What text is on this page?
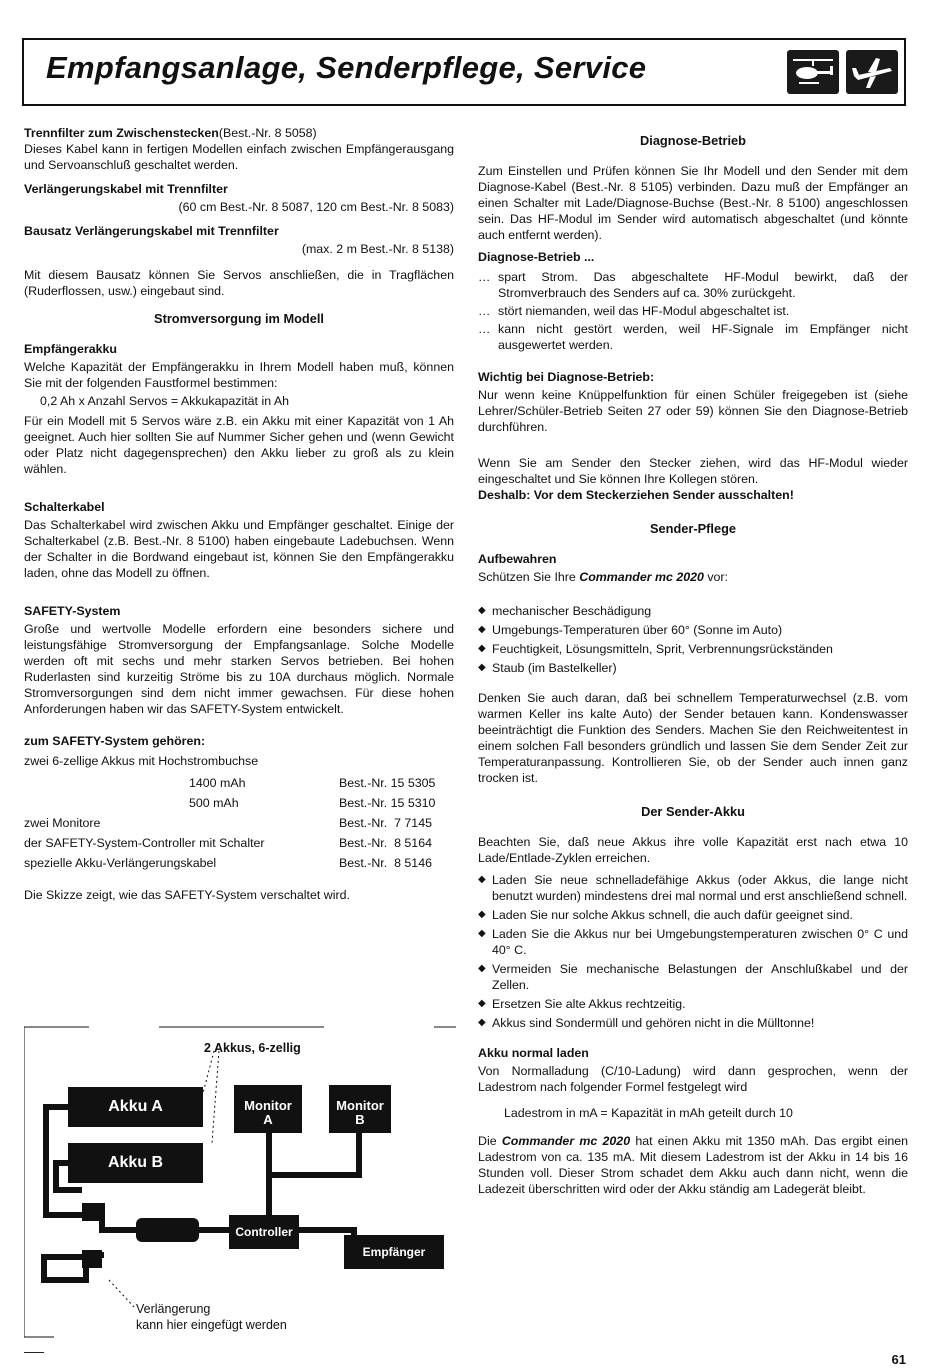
Empfangsanlage, Senderpflege, Service
Trennfilter zum Zwischenstecken(Best.-Nr. 8 5058)

Dieses Kabel kann in fertigen Modellen einfach zwischen Empfängerausgang und Servoanschluß geschaltet werden.

Verlängerungskabel mit Trennfilter
(60 cm Best.-Nr. 8 5087, 120 cm Best.-Nr. 8 5083)
Bausatz Verlängerungskabel mit Trennfilter
(max. 2 m Best.-Nr. 8 5138)

Mit diesem Bausatz können Sie Servos anschließen, die in Tragflächen (Ruderflossen, usw.) eingebaut sind.

Stromversorgung im Modell
Empfängerakku

Welche Kapazität der Empfängerakku in Ihrem Modell haben muß, können Sie mit der folgenden Faustformel bestimmen:

0,2 Ah x Anzahl Servos = Akkukapazität in Ah

Für ein Modell mit 5 Servos wäre z.B. ein Akku mit einer Kapazität von 1 Ah geeignet. Auch hier sollten Sie auf Nummer Sicher gehen und (wenn Gewicht oder Platz nicht dagegensprechen) den Akku lieber zu groß als zu klein wählen.

Schalterkabel

Das Schalterkabel wird zwischen Akku und Empfänger geschaltet. Einige der Schalterkabel (z.B. Best.-Nr. 8 5100) haben eingebaute Ladebuchsen. Wenn der Schalter in die Bordwand eingebaut ist, können Sie den Empfängerakku laden, ohne das Modell zu öffnen.

SAFETY-System

Große und wertvolle Modelle erfordern eine besonders sichere und leistungsfähige Stromversorgung der Empfangsanlage. Solche Modelle werden oft mit sechs und mehr starken Servos betrieben. Bei hohen Ruderlasten sind kurzeitig Ströme bis zu 10A durchaus möglich. Normale Stromversorgungen sind dem nicht immer gewachsen. Für diese hohen Anforderungen haben wir das SAFETY-System entwickelt.

zum SAFETY-System gehören:
zwei 6-zellige Akkus mit Hochstrombuchse
1400 mAh	Best.-Nr. 15 5305
500 mAh	Best.-Nr. 15 5310
zwei Monitore	Best.-Nr.  7 7145
der SAFETY-System-Controller mit Schalter	Best.-Nr.  8 5164
spezielle Akku-Verlängerungskabel	Best.-Nr.  8 5146

Die Skizze zeigt, wie das SAFETY-System verschaltet wird.

2 Akkus, 6-zellig
Akku A
Akku B
Monitor
A
Monitor
B
Controller
Empfänger
Verlängerung
kann hier eingefügt werden
Diagnose-Betrieb

Zum Einstellen und Prüfen können Sie Ihr Modell und den Sender mit dem Diagnose-Kabel (Best.-Nr. 8 5105) verbinden. Dazu muß der Empfänger an einen Schalter mit Lade/Diagnose-Buchse (Best.-Nr. 8 5100) angeschlossen sein. Das HF-Modul im Sender wird automatisch abgeschaltet (und könnte auch entfernt werden).

Diagnose-Betrieb ...
… spart Strom. Das abgeschaltete HF-Modul bewirkt, daß der Stromverbrauch des Senders auf ca. 30% zurückgeht.
… stört niemanden, weil das HF-Modul abgeschaltet ist.
… kann nicht gestört werden, weil HF-Signale im Empfänger nicht ausgewertet werden.
Wichtig bei Diagnose-Betrieb:

Nur wenn keine Knüppelfunktion für einen Schüler freigegeben ist (siehe Lehrer/Schüler-Betrieb Seiten 27 oder 59) können Sie den Diagnose-Betrieb durchführen.

Wenn Sie am Sender den Stecker ziehen, wird das HF-Modul wieder eingeschaltet und Sie können Ihre Kollegen stören.

Deshalb: Vor dem Steckerziehen Sender ausschalten!
Sender-Pflege
Aufbewahren
Schützen Sie Ihre Commander mc 2020 vor:
◆ mechanischer Beschädigung
◆ Umgebungs-Temperaturen über 60° (Sonne im Auto)
◆ Feuchtigkeit, Lösungsmitteln, Sprit, Verbrennungsrückständen
◆ Staub (im Bastelkeller)

Denken Sie auch daran, daß bei schnellem Temperaturwechsel (z.B. vom warmen Keller ins kalte Auto) der Sender betauen kann. Kondenswasser beeinträchtigt die Funktion des Senders. Machen Sie den Reichweitentest in einem solchen Fall besonders gründlich und lassen Sie dem Sender Zeit zur Temperaturanpassung. Kontrollieren Sie, ob der Sender auch innen ganz trocken ist.

Der Sender-Akku

Beachten Sie, daß neue Akkus ihre volle Kapazität erst nach etwa 10 Lade/Entlade-Zyklen erreichen.

◆ Laden Sie neue schnelladefähige Akkus (oder Akkus, die lange nicht benutzt wurden) mindestens drei mal normal und erst anschließend schnell.
◆ Laden Sie nur solche Akkus schnell, die auch dafür geeignet sind.
◆ Laden Sie die Akkus nur bei Umgebungstemperaturen zwischen 0° C und 40° C.
◆ Vermeiden Sie mechanische Belastungen der Anschlußkabel und der Zellen.
◆ Ersetzen Sie alte Akkus rechtzeitig.
◆ Akkus sind Sondermüll und gehören nicht in die Mülltonne!
Akku normal laden

Von Normalladung (C/10-Ladung) wird dann gesprochen, wenn der Ladestrom nach folgender Formel festgelegt wird

Ladestrom in mA = Kapazität in mAh geteilt durch 10

Die Commander mc 2020 hat einen Akku mit 1350 mAh. Das ergibt einen Ladestrom von ca. 135 mA. Mit diesem Ladestrom ist der Akku in 14 bis 16 Stunden voll. Dieser Strom schadet dem Akku auch dann nicht, wenn die Ladezeit überschritten wird oder der Akku ständig am Ladegerät bleibt.

61
